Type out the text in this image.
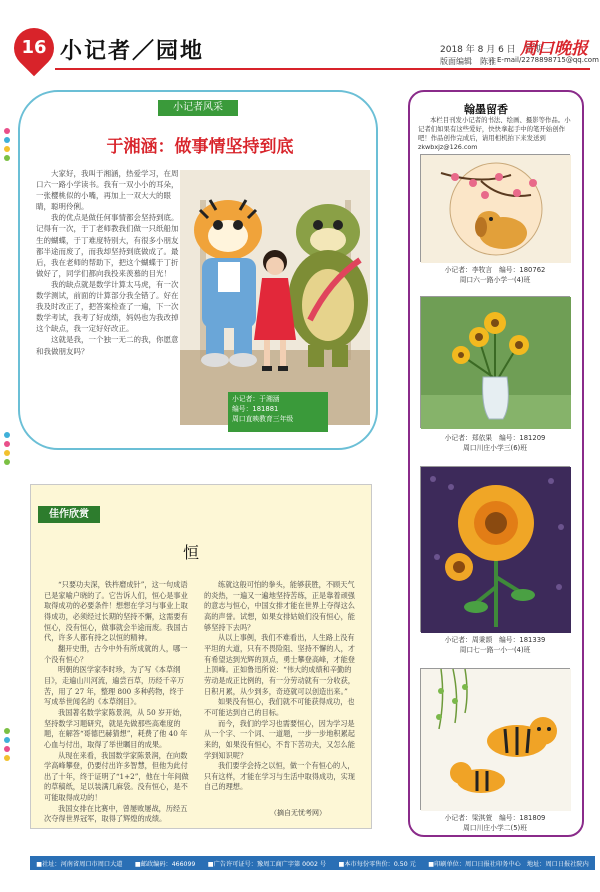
16 小记者／园地	2018 年 8 月 6 日　星期一
周口晚报
版面编辑　陈雅 E-mail/2278898715@qq.com
小记者风采
于湘涵：做事情坚持到底

大家好，我叫于湘涵，热爱学习，在周口六一路小学读书。我有一双小小的耳朵，一张樱桃似的小嘴，再加上一双大大的眼睛，聪明伶俐。

我的优点是做任何事情都会坚持到底。记得有一次，于丁老师教我们做一只纸船加生的蝴蝶，于丁难度特别大，有很多小朋友都半途而废了，而我却坚持到底做成了。最后，我在老师的帮助下，把这个蝴蝶于丁折做好了，同学们都向我投来羡慕的目光！

我的缺点就是数学计算太马虎，有一次数学测试，前面的计算部分我全错了。好在我及时改正了，把答案检查了一遍，下一次数学考试，我考了好成绩，妈妈也为我改掉这个缺点，我一定好好改正。

这就是我，一个独一无二的我，你愿意和我做朋友吗？

小记者：于湘涵
编号：181881
周口直映教育三年级
佳作欣赏
恒

“只要功夫深，铁杵磨成针”，这一句成语已是家喻户晓的了。它告诉人们，恒心是事业取得成功的必要条件！想想在学习与事业上取得成功，必须经过长期的坚持不懈，这需要有恒心，没有恒心，做事就会半途而废。我国古代，许多人都有持之以恒的精神。

翻开史册，古今中外有所成就的人，哪一个没有恒心？

明朝的医学家李时珍，为了写《本草纲目》，走遍山川河流，遍尝百草，历经千辛万苦，用了 27 年，整理 800 多种药物，终于写成举世闻名的《本草纲目》。

我国著名数学家陈景润，从 50 岁开始，坚持数学习题研究，就是先做那些高难度的题，在解答“哥德巴赫猜想”，耗费了他 40 年心血与付出，取得了举世瞩目的成果。

从现在来看，我国数学家陈景润，在向数学高峰攀登，仍要付出许多智慧，但他为此付出了十年，终于证明了“1+2”，他在十年间做的草稿纸，足以装满几麻袋。没有恒心，是不可能取得成功的！

我国女排在比赛中，曾屡败屡战，历经五次夺得世界冠军，取得了辉煌的成绩。

练就这般可怕的拳头，能够获胜，不顾天气的炎热，一遍又一遍地坚持苦练，正是靠着顽强的意志与恒心，中国女排才能在世界上夺得这么高的声誉。试想，如果女排姑娘们没有恒心，能够坚持下去吗？

从以上事例，我们不难看出，人生路上没有平坦的大道，只有不畏险阻、坚持不懈的人，才有希望达到光辉的顶点，勇士攀登高峰，才能登上顶峰。正如鲁迅所说：“伟大的成绩和辛勤的劳动是成正比例的，有一分劳动就有一分收获，日积月累，从少到多，奇迹就可以创造出来。”

如果没有恒心，我们就不可能获得成功，也不可能达到自己的目标。

而今，我们的学习也需要恒心，因为学习是从一个字、一个词、一道题，一步一步地积累起来的，如果没有恒心，不肯下苦功夫，又怎么能学到知识呢？

我们要学会持之以恒，做一个有恒心的人，只有这样，才能在学习与生活中取得成功，实现自己的理想。

（摘自无忧考网）
翰墨留香
本栏目刊发小记者的书法、绘画、摄影等作品。小记者们如果有这些爱好，快快拿起手中的笔开始创作吧！作品创作完成后，请用相机拍下来发送到 zkwbxjz@126.com
小记者：李牧言　编号：180762
周口六一路小学一(4)班
小记者：郑依果　编号：181209
周口川庄小学三(6)班
小记者：周秉颉　编号：181339
周口七一路一小一(4)班
小记者：梁淇萱　编号：181809
周口川庄小学二(5)班
■社址：河南省周口市周口大道 ■邮政编码：466099 ■广告许可证号：豫周工商广字第 0002 号 ■本市每份零售价：0.50 元 ■印刷单位：周口日报社印务中心　地址：周口日报社院内
